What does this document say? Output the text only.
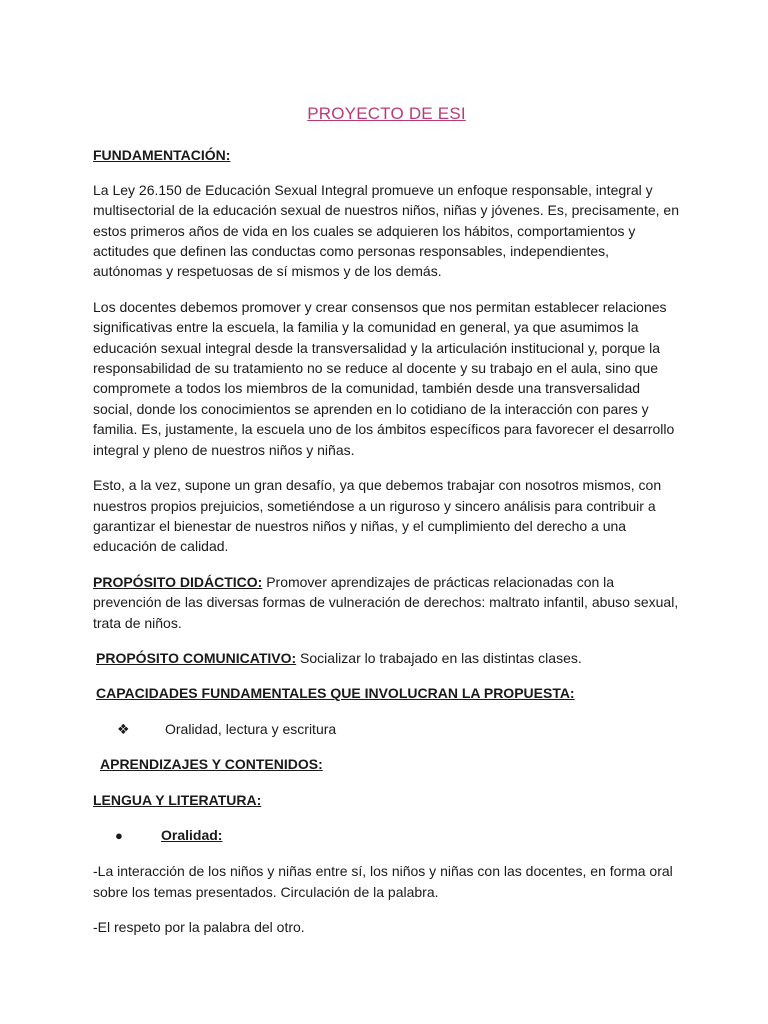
PROYECTO DE ESI
FUNDAMENTACIÓN:

La Ley 26.150 de Educación Sexual Integral promueve un enfoque responsable, integral y multisectorial de la educación sexual de nuestros niños, niñas y jóvenes. Es, precisamente, en estos primeros años de vida en los cuales se adquieren los hábitos, comportamientos y actitudes que definen las conductas como personas responsables, independientes, autónomas y respetuosas de sí mismos y de los demás.

Los docentes debemos promover y crear consensos que nos permitan establecer relaciones significativas entre la escuela, la familia y la comunidad en general, ya que asumimos la educación sexual integral desde la transversalidad y la articulación institucional y, porque la responsabilidad de su tratamiento no se reduce al docente y su trabajo en el aula, sino que compromete a todos los miembros de la comunidad, también desde una transversalidad social, donde los conocimientos se aprenden en lo cotidiano de la interacción con pares y familia. Es, justamente, la escuela uno de los ámbitos específicos para favorecer el desarrollo integral y pleno de nuestros niños y niñas.

Esto, a la vez, supone un gran desafío, ya que debemos trabajar con nosotros mismos, con nuestros propios prejuicios, sometiéndose a un riguroso y sincero análisis para contribuir a garantizar el bienestar de nuestros niños y niñas, y el cumplimiento del derecho a una educación de calidad.

PROPÓSITO DIDÁCTICO: Promover aprendizajes de prácticas relacionadas con la prevención de las diversas formas de vulneración de derechos: maltrato infantil, abuso sexual, trata de niños.

PROPÓSITO COMUNICATIVO: Socializar lo trabajado en las distintas clases.

CAPACIDADES FUNDAMENTALES QUE INVOLUCRAN LA PROPUESTA:

❖	Oralidad, lectura y escritura

APRENDIZAJES Y CONTENIDOS:

LENGUA Y LITERATURA:

●	Oralidad:

-La interacción de los niños y niñas entre sí, los niños y niñas con las docentes, en forma oral sobre los temas presentados. Circulación de la palabra.

-El respeto por la palabra del otro.
